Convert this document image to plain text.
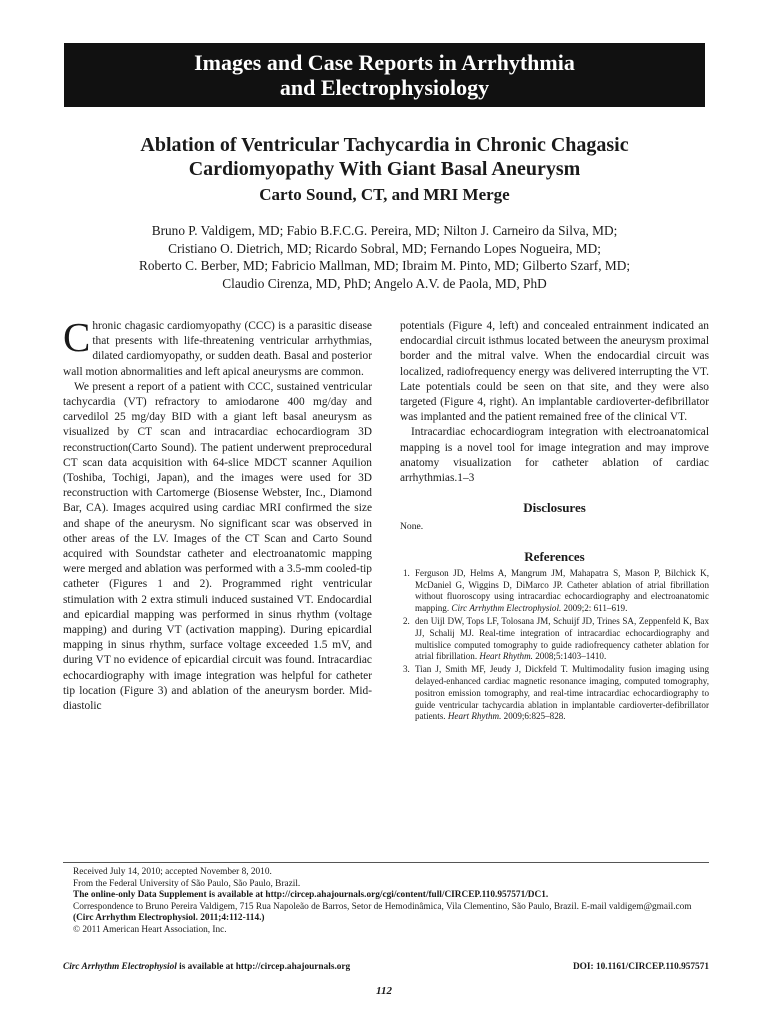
Images and Case Reports in Arrhythmia
and Electrophysiology
Ablation of Ventricular Tachycardia in Chronic Chagasic
Cardiomyopathy With Giant Basal Aneurysm
Carto Sound, CT, and MRI Merge
Bruno P. Valdigem, MD; Fabio B.F.C.G. Pereira, MD; Nilton J. Carneiro da Silva, MD;
Cristiano O. Dietrich, MD; Ricardo Sobral, MD; Fernando Lopes Nogueira, MD;
Roberto C. Berber, MD; Fabricio Mallman, MD; Ibraim M. Pinto, MD; Gilberto Szarf, MD;
Claudio Cirenza, MD, PhD; Angelo A.V. de Paola, MD, PhD

Chronic chagasic cardiomyopathy (CCC) is a parasitic disease that presents with life-threatening ventricular arrhythmias, dilated cardiomyopathy, or sudden death. Basal and posterior wall motion abnormalities and left apical aneurysms are common.

We present a report of a patient with CCC, sustained ventricular tachycardia (VT) refractory to amiodarone 400 mg/day and carvedilol 25 mg/day BID with a giant left basal aneurysm as visualized by CT scan and intracardiac echocardiogram 3D reconstruction(Carto Sound). The patient underwent preprocedural CT scan data acquisition with 64-slice MDCT scanner Aquilion (Toshiba, Tochigi, Japan), and the images were used for 3D reconstruction with Cartomerge (Biosense Webster, Inc., Diamond Bar, CA). Images acquired using cardiac MRI confirmed the size and shape of the aneurysm. No significant scar was observed in other areas of the LV. Images of the CT Scan and Carto Sound acquired with Soundstar catheter and electroanatomic mapping were merged and ablation was performed with a 3.5-mm cooled-tip catheter (Figures 1 and 2). Programmed right ventricular stimulation with 2 extra stimuli induced sustained VT. Endocardial and epicardial mapping was performed in sinus rhythm (voltage mapping) and during VT (activation mapping). During epicardial mapping in sinus rhythm, surface voltage exceeded 1.5 mV, and during VT no evidence of epicardial circuit was found. Intracardiac echocardiography with image integration was helpful for catheter tip location (Figure 3) and ablation of the aneurysm border. Mid-diastolic

potentials (Figure 4, left) and concealed entrainment indicated an endocardial circuit isthmus located between the aneurysm proximal border and the mitral valve. When the endocardial circuit was localized, radiofrequency energy was delivered interrupting the VT. Late potentials could be seen on that site, and they were also targeted (Figure 4, right). An implantable cardioverter-defibrillator was implanted and the patient remained free of the clinical VT.

Intracardiac echocardiogram integration with electroanatomical mapping is a novel tool for image integration and may improve anatomy visualization for catheter ablation of cardiac arrhythmias.1–3

Disclosures
None.
References
1. Ferguson JD, Helms A, Mangrum JM, Mahapatra S, Mason P, Bilchick K, McDaniel G, Wiggins D, DiMarco JP. Catheter ablation of atrial fibrillation without fluoroscopy using intracardiac echocardiography and electroanatomic mapping. Circ Arrhythm Electrophysiol. 2009;2: 611–619.
2. den Uijl DW, Tops LF, Tolosana JM, Schuijf JD, Trines SA, Zeppenfeld K, Bax JJ, Schalij MJ. Real-time integration of intracardiac echocardiography and multislice computed tomography to guide radiofrequency catheter ablation for atrial fibrillation. Heart Rhythm. 2008;5:1403–1410.
3. Tian J, Smith MF, Jeudy J, Dickfeld T. Multimodality fusion imaging using delayed-enhanced cardiac magnetic resonance imaging, computed tomography, positron emission tomography, and real-time intracardiac echocardiography to guide ventricular tachycardia ablation in implantable cardioverter-defibrillator patients. Heart Rhythm. 2009;6:825–828.
Received July 14, 2010; accepted November 8, 2010.
From the Federal University of São Paulo, São Paulo, Brazil.
The online-only Data Supplement is available at http://circep.ahajournals.org/cgi/content/full/CIRCEP.110.957571/DC1.
Correspondence to Bruno Pereira Valdigem, 715 Rua Napoleão de Barros, Setor de Hemodinâmica, Vila Clementino, São Paulo, Brazil. E-mail valdigem@gmail.com
(Circ Arrhythm Electrophysiol. 2011;4:112-114.)
© 2011 American Heart Association, Inc.
Circ Arrhythm Electrophysiol is available at http://circep.ahajournals.org	DOI: 10.1161/CIRCEP.110.957571
112
